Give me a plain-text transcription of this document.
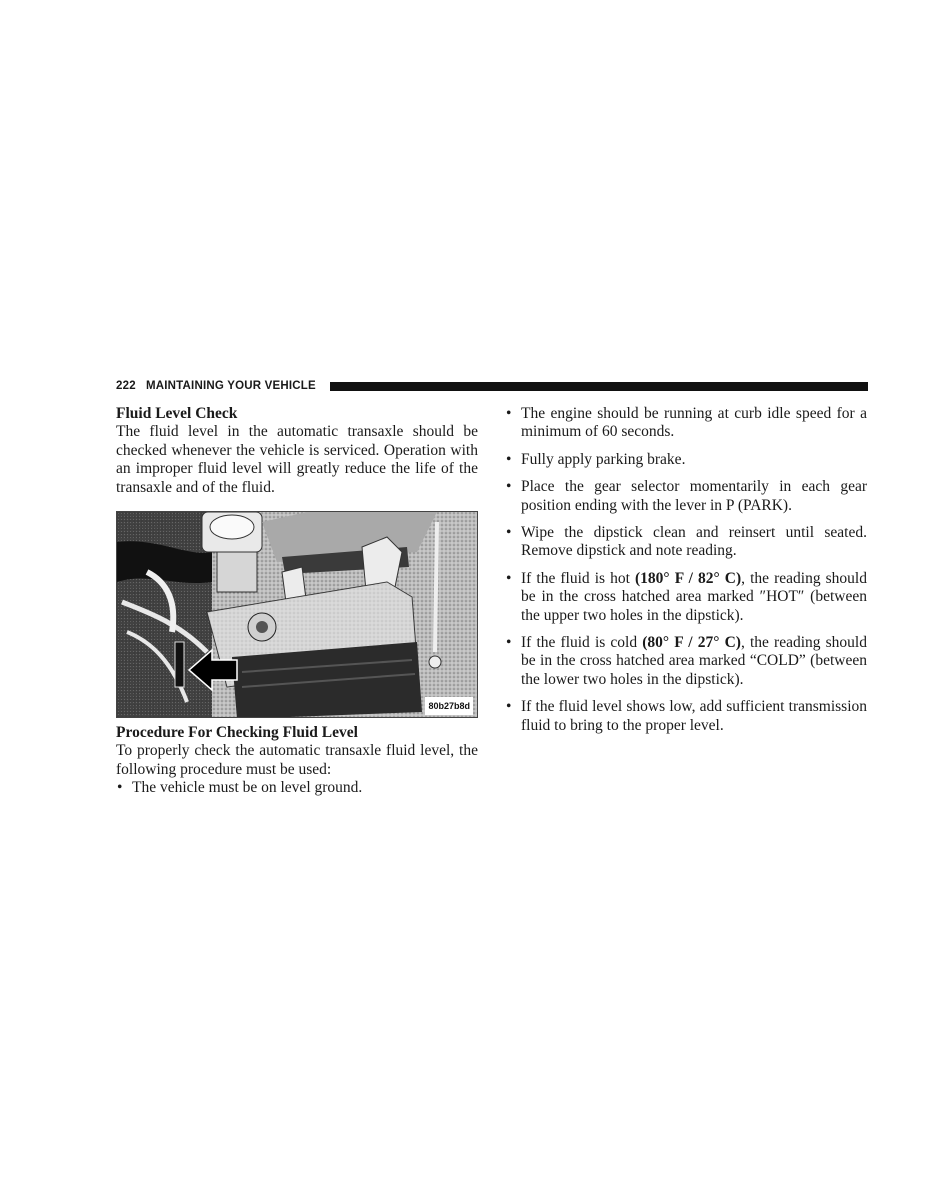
222 MAINTAINING YOUR VEHICLE

Fluid Level Check

The fluid level in the automatic transaxle should be checked whenever the vehicle is serviced. Operation with an improper fluid level will greatly reduce the life of the transaxle and of the fluid.

80b27b8d

Procedure For Checking Fluid Level

To properly check the automatic transaxle fluid level, the following procedure must be used:

• The vehicle must be on level ground.
• The engine should be running at curb idle speed for a minimum of 60 seconds.
• Fully apply parking brake.
• Place the gear selector momentarily in each gear position ending with the lever in P (PARK).
• Wipe the dipstick clean and reinsert until seated. Remove dipstick and note reading.
• If the fluid is hot (180° F / 82° C), the reading should be in the cross hatched area marked ″HOT″ (between the upper two holes in the dipstick).
• If the fluid is cold (80° F / 27° C), the reading should be in the cross hatched area marked “COLD” (between the lower two holes in the dipstick).
• If the fluid level shows low, add sufficient transmission fluid to bring to the proper level.
